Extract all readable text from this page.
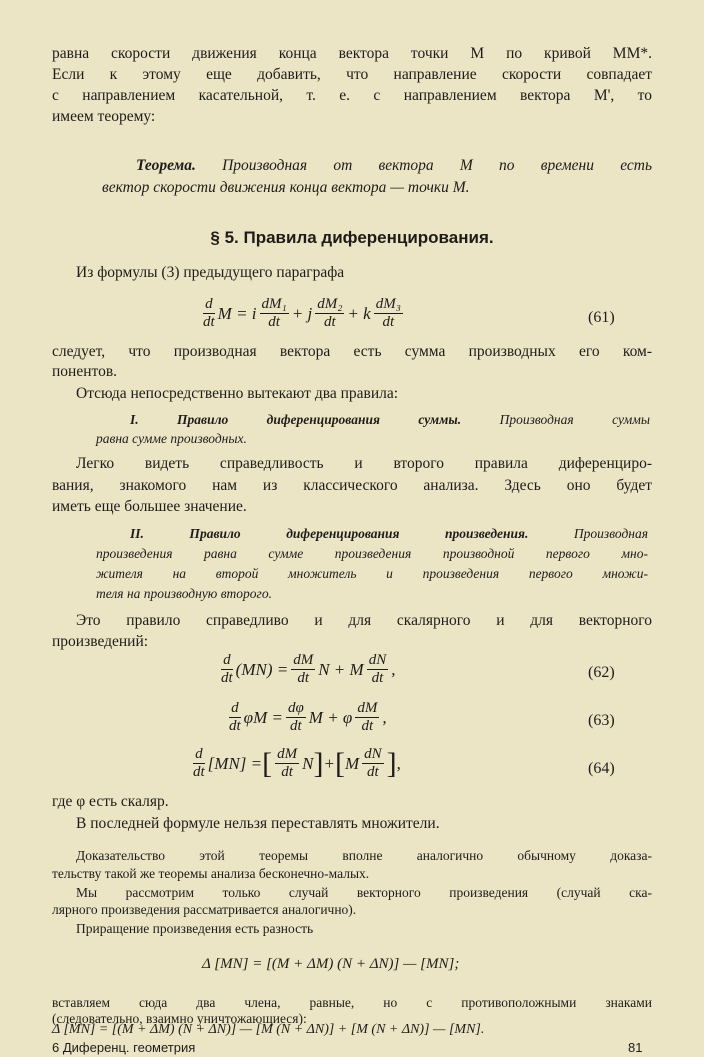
равна скорости движения конца вектора точки М по кривой ММ*.
Если к этому еще добавить, что направление скорости совпадает
с направлением касательной, т. е. с направлением вектора М', то
имеем теорему:
Теорема. Производная от вектора М по времени есть
вектор скорости движения конца вектора — точки М.
§ 5. Правила диференцирования.
Из формулы (3) предыдущего параграфа
$\frac{d}{dt}$ M = i $\frac{\text{dM₁}}{dt} + j \frac{\text{dM₂}}{dt} + k \frac{\text{dM₃}}{dt}$	(61)
следует, что производная вектора есть сумма производных его ком-
понентов.
Отсюда непосредственно вытекают два правила:
I. Правило диференцирования суммы.	Производная суммы
равна сумме производных.
Легко видеть справедливость и второго правила диференциро-
вания, знакомого нам из классического анализа. Здесь оно будет
иметь еще большее значение.
II. Правило диференцирования произведения.	Производная
произведения равна сумме произведения производной первого мно-
жителя на второй множитель и произведения первого множи-
теля на производную второго.
Это правило справедливо и для скалярного и для векторного
произведений:
$\frac{d}{dt} (MN) = \frac{dM}{dt}$ N + M $\frac{dN}{dt}$ ,	(62)
$\frac{d}{dt}$ $\varphi M = \frac{d\varphi}{dt}$ M + φ $\frac{dM}{dt}$ ,	(63)
$\frac{d}{dt} [MN]$ = [ $\frac{dM}{dt}$ N ] + [ M $\frac{dN}{dt}$ ] ,	(64)
где φ есть скаляр.
В последней формуле нельзя переставлять множители.
Доказательство этой теоремы вполне аналогично обычному доказа-
тельству такой же теоремы анализа бесконечно-малых.
Мы рассмотрим только случай векторного произведения (случай ска-
лярного произведения рассматривается аналогично).
Приращение произведения есть разность
Δ [MN] = [(M + ΔM) (N + ΔN)] — [MN];
вставляем сюда два члена, равные, но с противоположными знаками
(следовательно, взаимно уничтожающиеся):
Δ [MN] = [(M + ΔM) (N + ΔN)] — [M (N + ΔN)] + [M (N + ΔN)] — [MN].
6 Диференц. геометрия	81
